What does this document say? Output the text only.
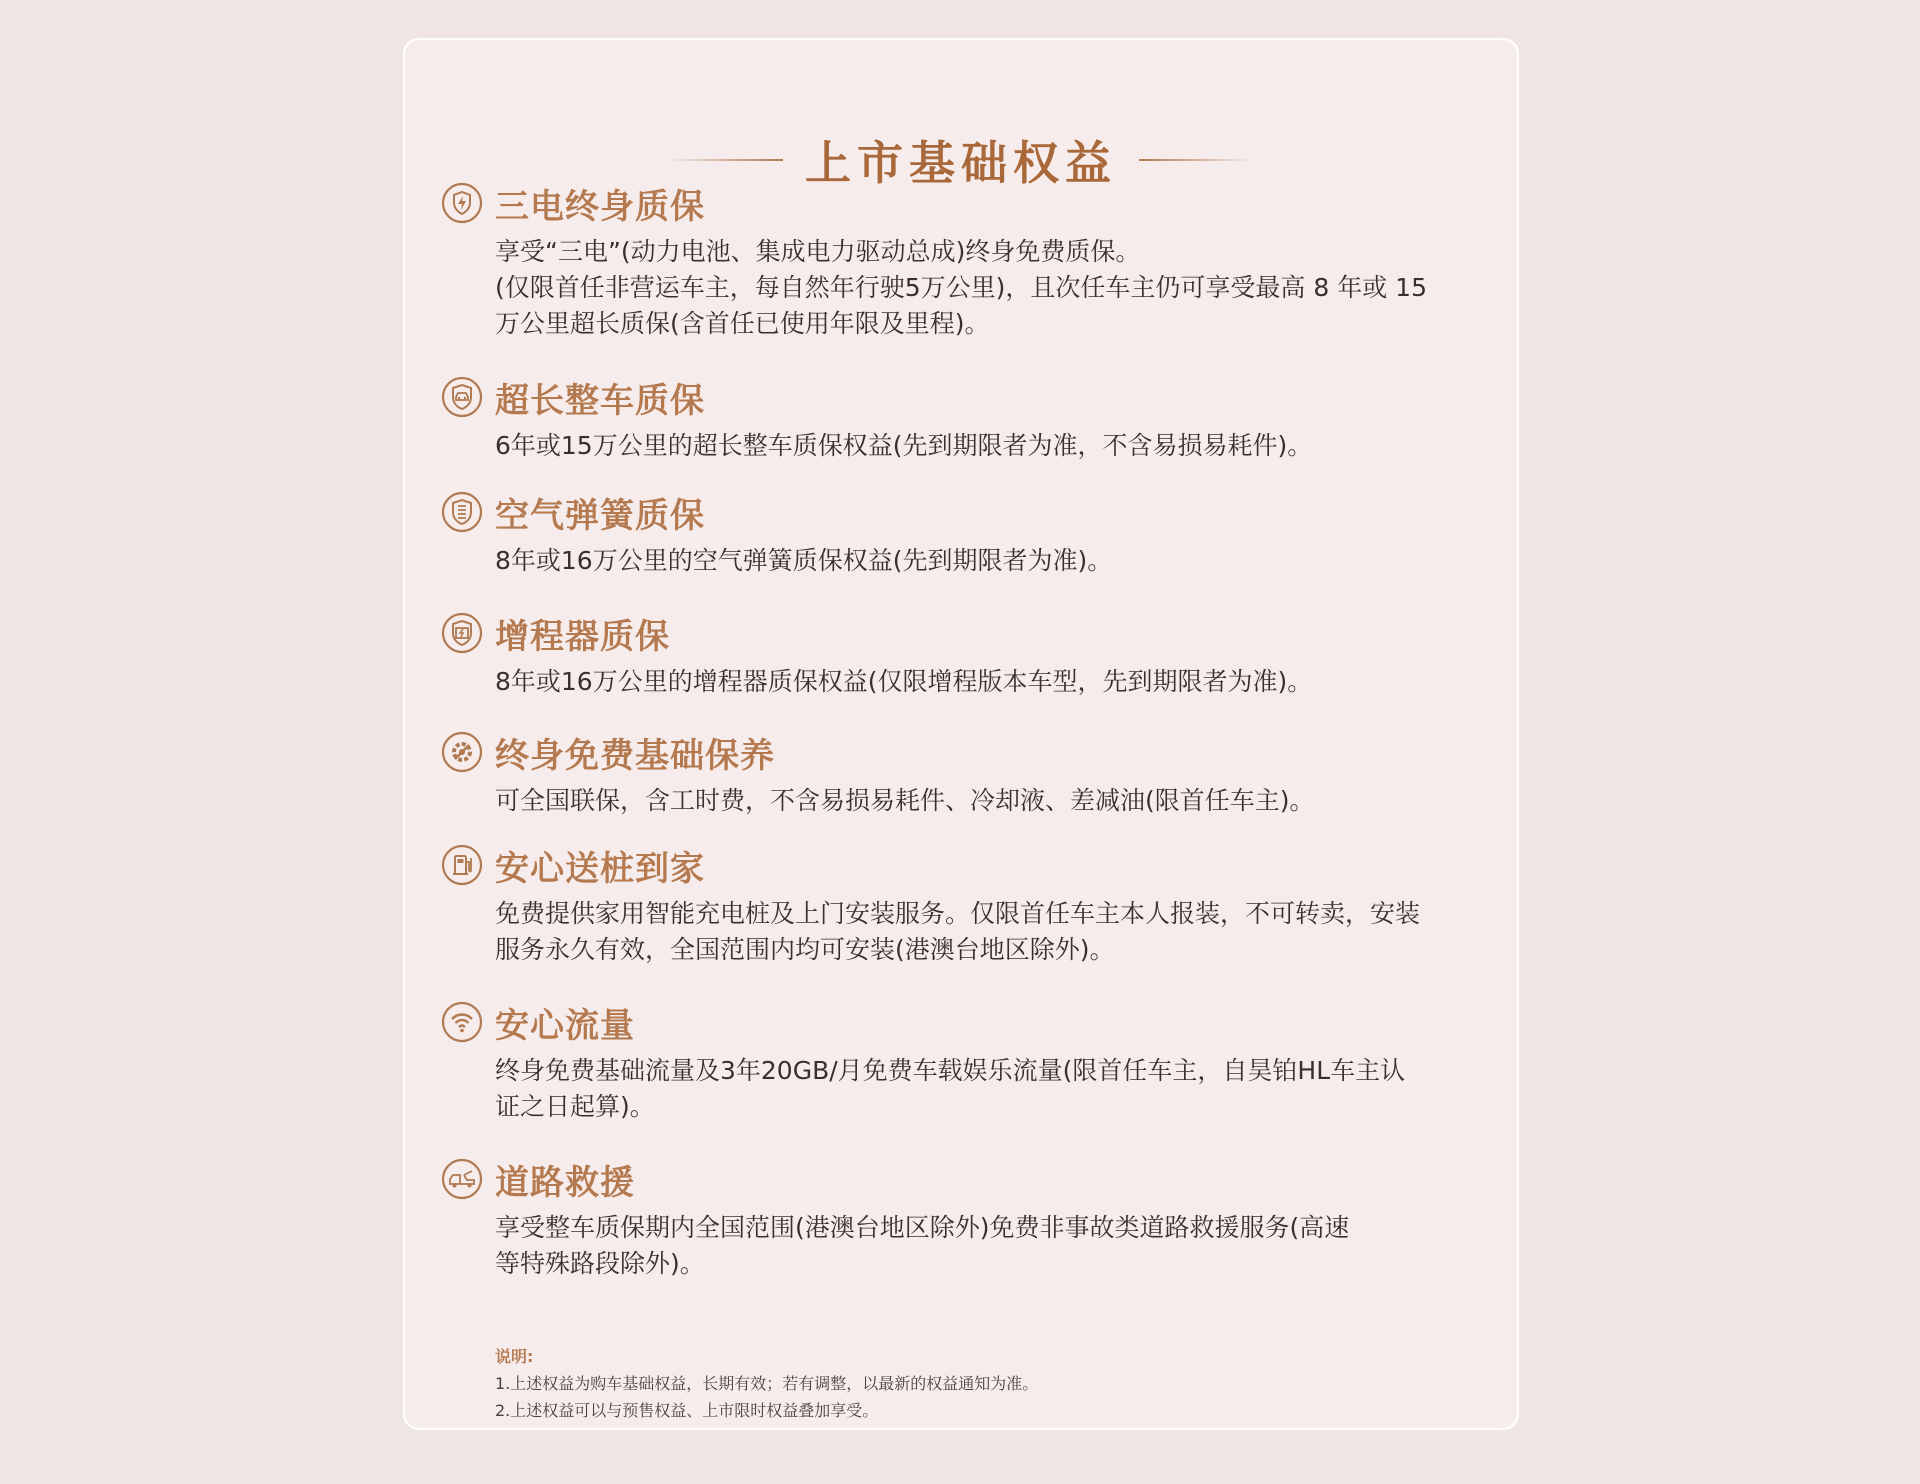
上市基础权益
三电终身质保
享受“三电”(动力电池、集成电力驱动总成)终身免费质保。
(仅限首任非营运车主，每自然年行驶5万公里)，且次任车主仍可享受最高 8 年或 15
万公里超长质保(含首任已使用年限及里程)。
超长整车质保
6年或15万公里的超长整车质保权益(先到期限者为准，不含易损易耗件)。
空气弹簧质保
8年或16万公里的空气弹簧质保权益(先到期限者为准)。
增程器质保
8年或16万公里的增程器质保权益(仅限增程版本车型，先到期限者为准)。
终身免费基础保养
可全国联保，含工时费，不含易损易耗件、冷却液、差减油(限首任车主)。
安心送桩到家
免费提供家用智能充电桩及上门安装服务。仅限首任车主本人报装，不可转卖，安装
服务永久有效，全国范围内均可安装(港澳台地区除外)。
安心流量
终身免费基础流量及3年20GB/月免费车载娱乐流量(限首任车主，自昊铂HL车主认
证之日起算)。
道路救援
享受整车质保期内全国范围(港澳台地区除外)免费非事故类道路救援服务(高速
等特殊路段除外)。
说明:
1.上述权益为购车基础权益，长期有效；若有调整，以最新的权益通知为准。
2.上述权益可以与预售权益、上市限时权益叠加享受。
